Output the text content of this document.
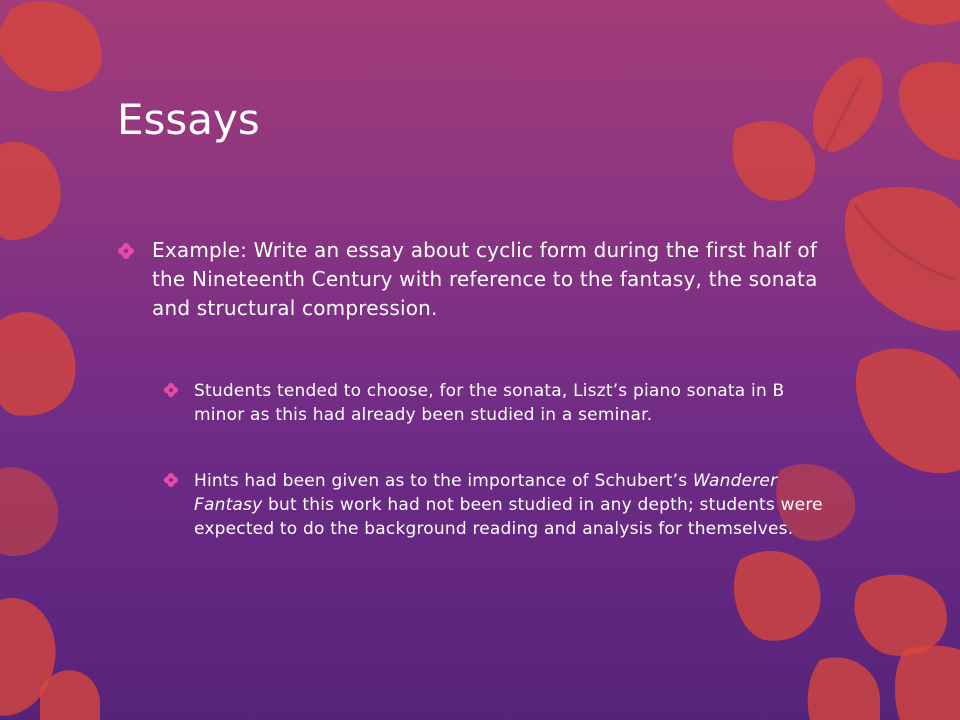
Essays
Example: Write an essay about cyclic form during the first half of the Nineteenth Century with reference to the fantasy, the sonata and structural compression.
Students tended to choose, for the sonata, Liszt’s piano sonata in B minor as this had already been studied in a seminar.
Hints had been given as to the importance of Schubert’s Wanderer Fantasy but this work had not been studied in any depth; students were expected to do the background reading and analysis for themselves.
